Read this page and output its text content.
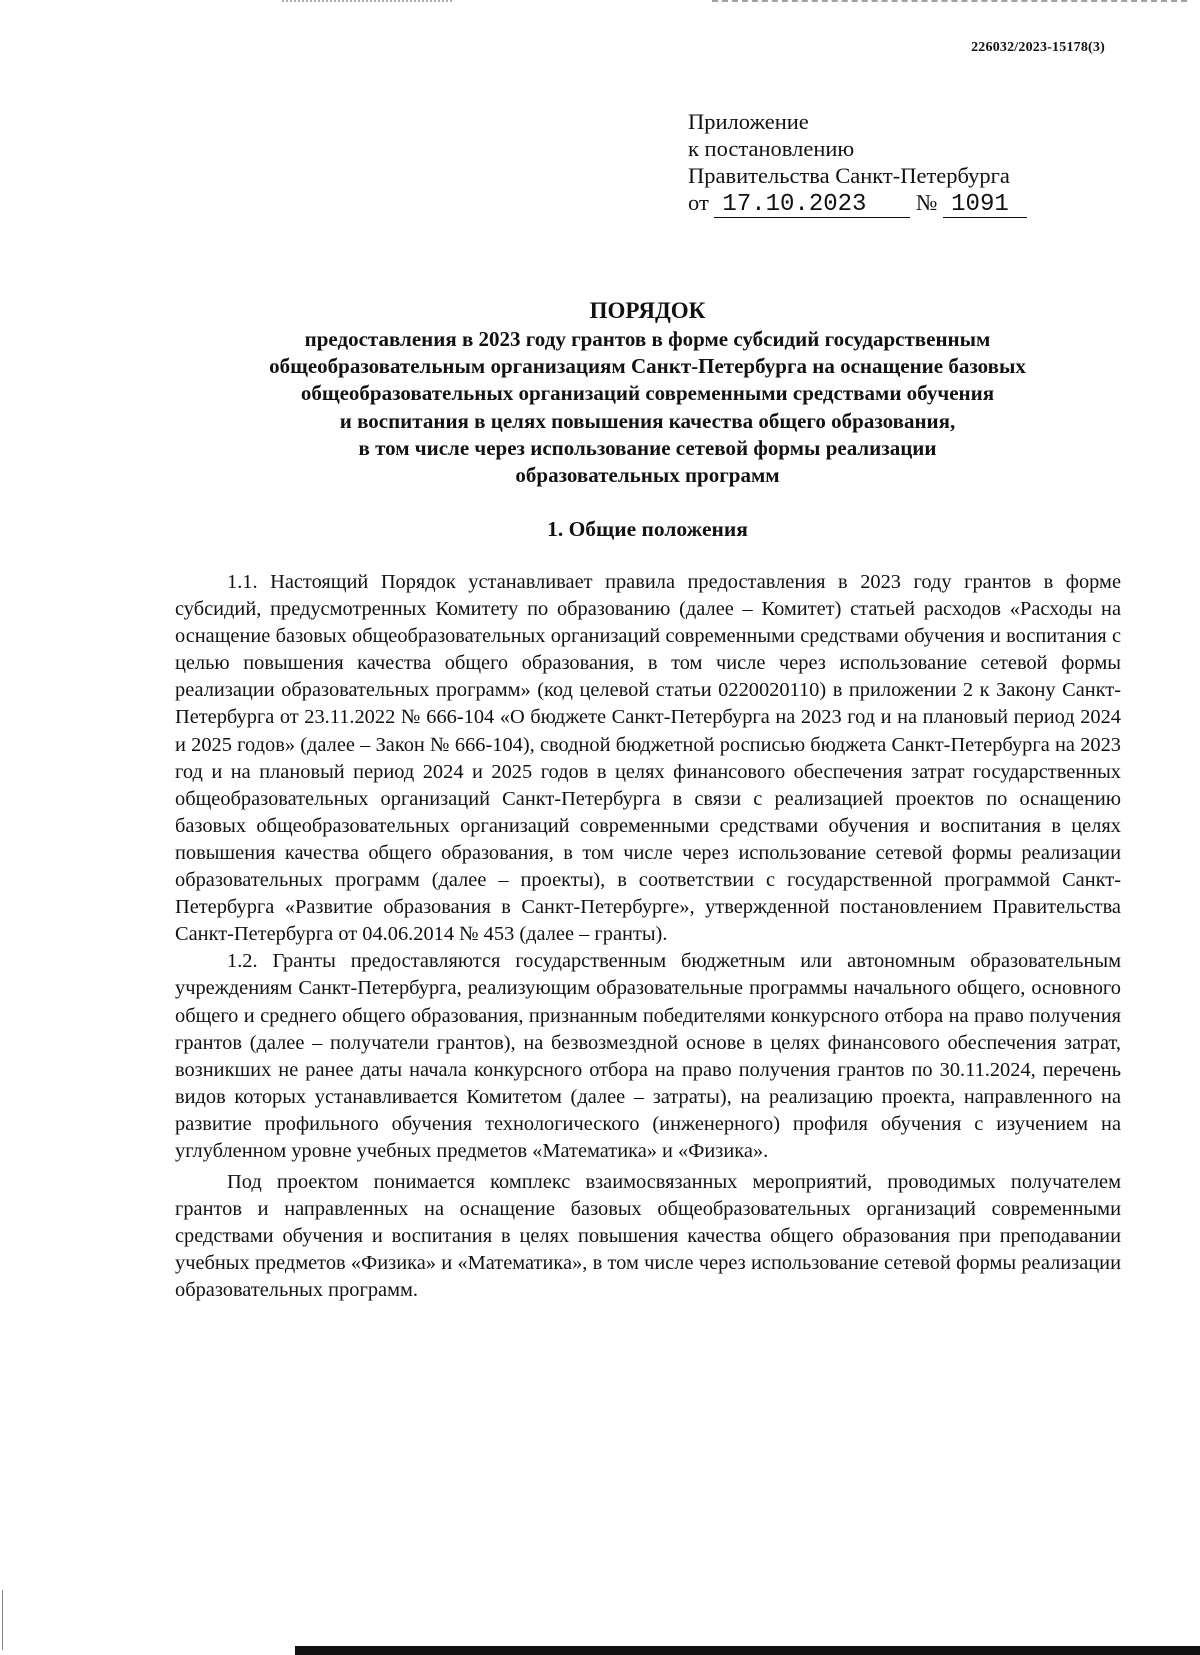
226032/2023-15178(3)
Приложение
к постановлению
Правительства Санкт-Петербурга
от 17.10.2023 № 1091
ПОРЯДОК
предоставления в 2023 году грантов в форме субсидий государственным
общеобразовательным организациям Санкт-Петербурга на оснащение базовых
общеобразовательных организаций современными средствами обучения
и воспитания в целях повышения качества общего образования,
в том числе через использование сетевой формы реализации
образовательных программ
1. Общие положения

1.1. Настоящий Порядок устанавливает правила предоставления в 2023 году грантов в форме субсидий, предусмотренных Комитету по образованию (далее – Комитет) статьей расходов «Расходы на оснащение базовых общеобразовательных организаций современными средствами обучения и воспитания с целью повышения качества общего образования, в том числе через использование сетевой формы реализации образовательных программ» (код целевой статьи 0220020110) в приложении 2 к Закону Санкт-Петербурга от 23.11.2022 № 666-104 «О бюджете Санкт-Петербурга на 2023 год и на плановый период 2024 и 2025 годов» (далее – Закон № 666-104), сводной бюджетной росписью бюджета Санкт-Петербурга на 2023 год и на плановый период 2024 и 2025 годов в целях финансового обеспечения затрат государственных общеобразовательных организаций Санкт-Петербурга в связи с реализацией проектов по оснащению базовых общеобразовательных организаций современными средствами обучения и воспитания в целях повышения качества общего образования, в том числе через использование сетевой формы реализации образовательных программ (далее – проекты), в соответствии с государственной программой Санкт-Петербурга «Развитие образования в Санкт-Петербурге», утвержденной постановлением Правительства Санкт-Петербурга от 04.06.2014 № 453 (далее – гранты).

1.2. Гранты предоставляются государственным бюджетным или автономным образовательным учреждениям Санкт-Петербурга, реализующим образовательные программы начального общего, основного общего и среднего общего образования, признанным победителями конкурсного отбора на право получения грантов (далее – получатели грантов), на безвозмездной основе в целях финансового обеспечения затрат, возникших не ранее даты начала конкурсного отбора на право получения грантов по 30.11.2024, перечень видов которых устанавливается Комитетом (далее – затраты), на реализацию проекта, направленного на развитие профильного обучения технологического (инженерного) профиля обучения с изучением на углубленном уровне учебных предметов «Математика» и «Физика».

Под проектом понимается комплекс взаимосвязанных мероприятий, проводимых получателем грантов и направленных на оснащение базовых общеобразовательных организаций современными средствами обучения и воспитания в целях повышения качества общего образования при преподавании учебных предметов «Физика» и «Математика», в том числе через использование сетевой формы реализации образовательных программ.
